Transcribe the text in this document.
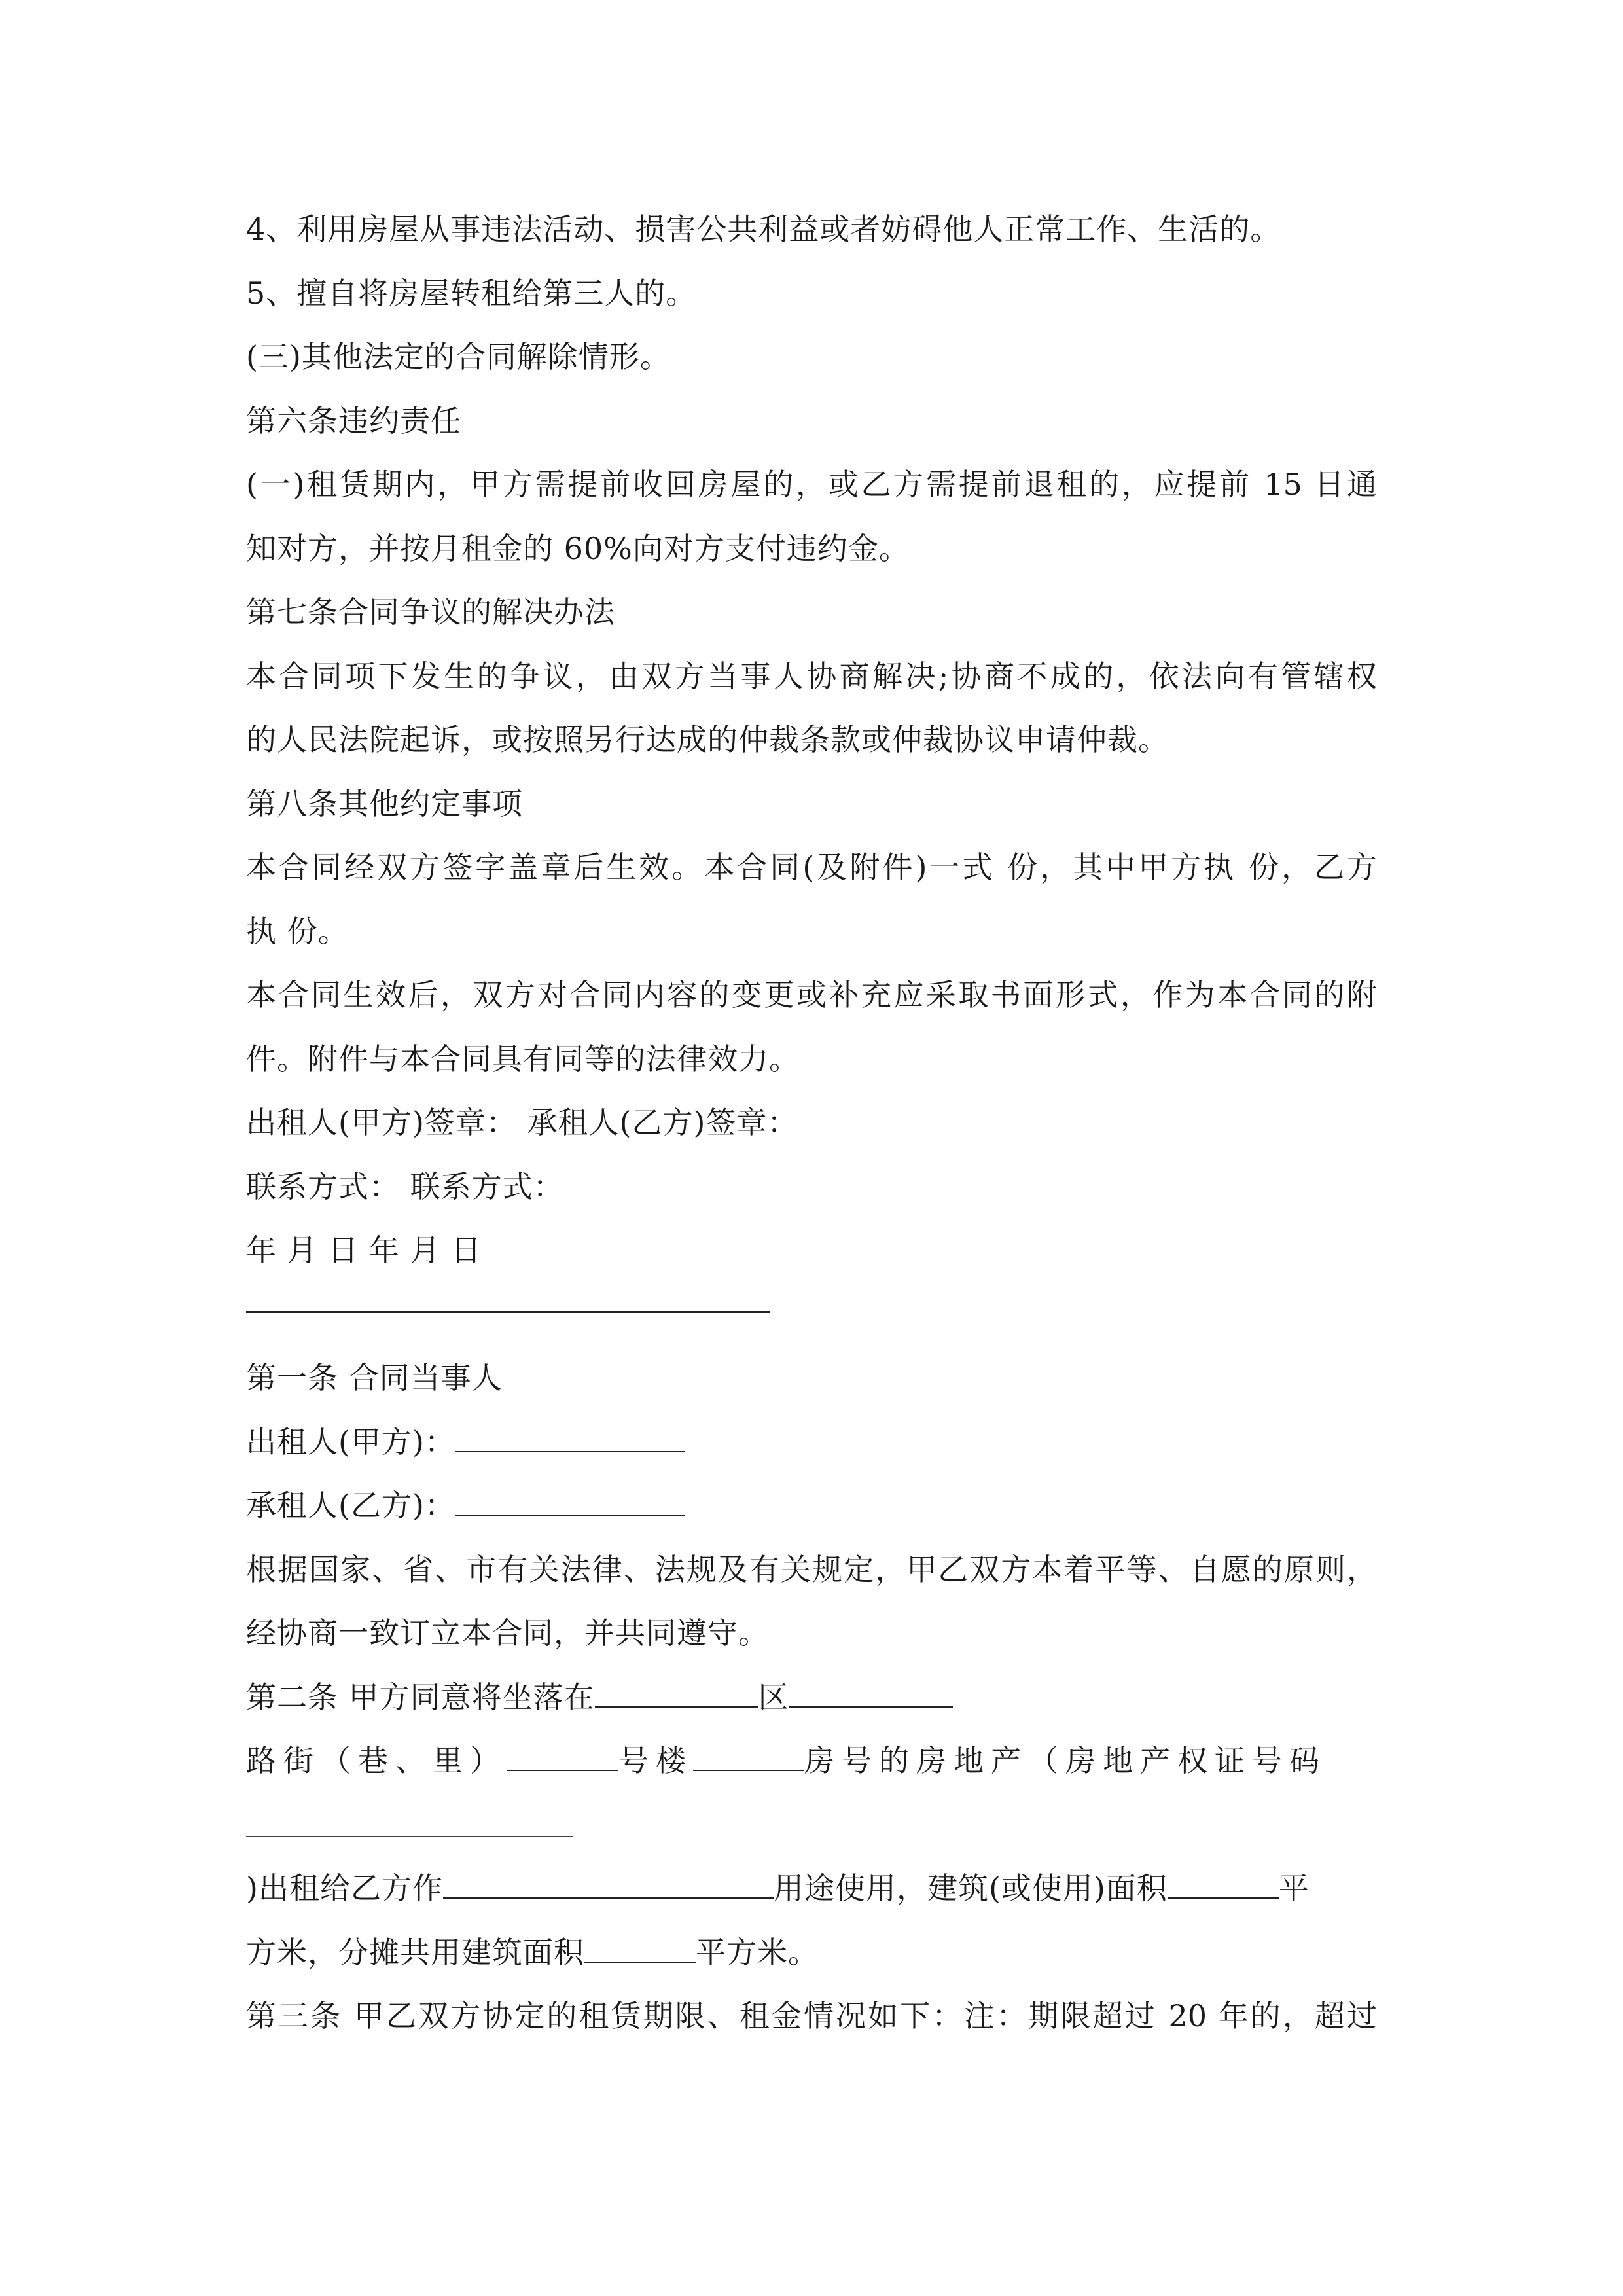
4、利用房屋从事违法活动、损害公共利益或者妨碍他人正常工作、生活的。
5、擅自将房屋转租给第三人的。
(三)其他法定的合同解除情形。
第六条违约责任
(一)租赁期内，甲方需提前收回房屋的，或乙方需提前退租的，应提前 15 日通
知对方，并按月租金的 60%向对方支付违约金。
第七条合同争议的解决办法
本合同项下发生的争议，由双方当事人协商解决;协商不成的，依法向有管辖权
的人民法院起诉，或按照另行达成的仲裁条款或仲裁协议申请仲裁。
第八条其他约定事项
本合同经双方签字盖章后生效。本合同(及附件)一式 份，其中甲方执 份，乙方
执 份。
本合同生效后，双方对合同内容的变更或补充应采取书面形式，作为本合同的附
件。附件与本合同具有同等的法律效力。
出租人(甲方)签章： 承租人(乙方)签章：
联系方式： 联系方式：
年 月 日 年 月 日
第一条 合同当事人
出租人(甲方)：
承租人(乙方)：
根据国家、省、市有关法律、法规及有关规定，甲乙双方本着平等、自愿的原则，
经协商一致订立本合同，并共同遵守。
第二条 甲方同意将坐落在	区
路街（巷、里）	号楼	房号的房地产（房地产权证号码
)出租给乙方作	用途使用，建筑(或使用)面积	平
方米，分摊共用建筑面积	平方米。
第三条 甲乙双方协定的租赁期限、租金情况如下：注：期限超过 20 年的，超过
